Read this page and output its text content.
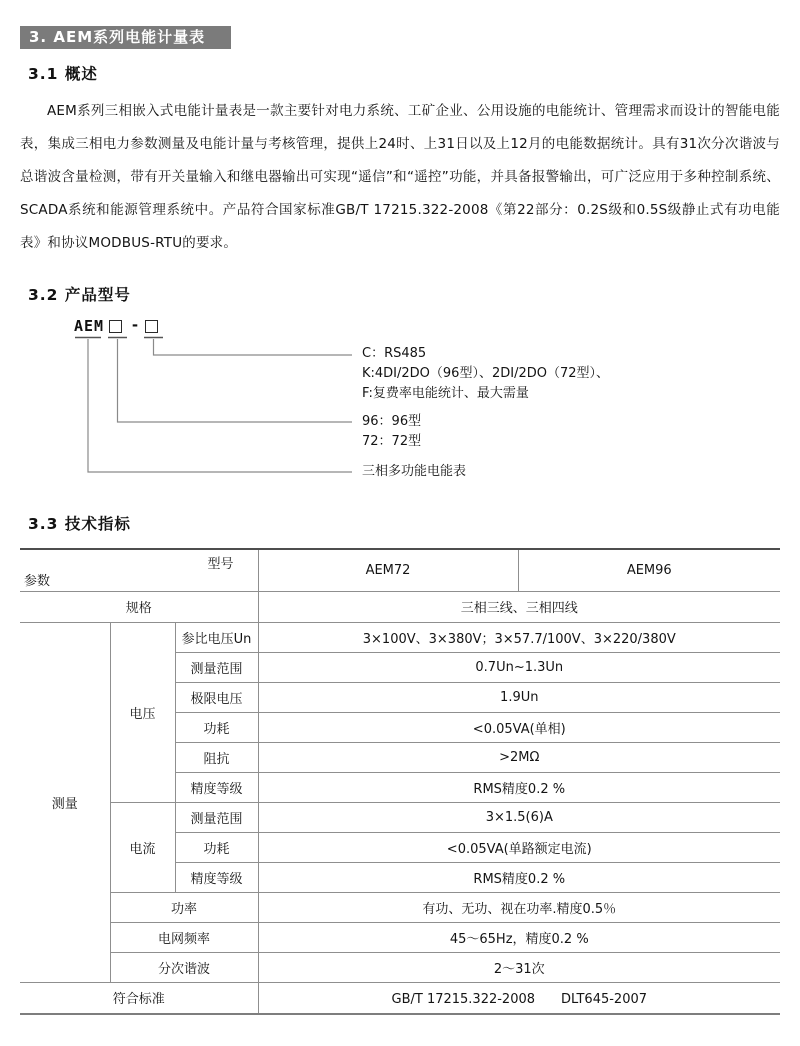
3. AEM系列电能计量表
3.1 概述
AEM系列三相嵌入式电能计量表是一款主要针对电力系统、工矿企业、公用设施的电能统计、管理需求而设计的智能电能表，集成三相电力参数测量及电能计量与考核管理，提供上24时、上31日以及上12月的电能数据统计。具有31次分次谐波与总谐波含量检测，带有开关量输入和继电器输出可实现“遥信”和“遥控”功能，并具备报警输出，可广泛应用于多种控制系统、SCADA系统和能源管理系统中。产品符合国家标准GB/T 17215.322-2008《第22部分：0.2S级和0.5S级静止式有功电能表》和协议MODBUS-RTU的要求。
3.2 产品型号
AEM	-
C：RS485
K:4DI/2DO（96型）、2DI/2DO（72型）、
F:复费率电能统计、最大需量
96：96型
72：72型
三相多功能电能表
3.3 技术指标
型号
参数			AEM72	AEM96
规格			三相三线、三相四线	
测量	电压	参比电压Un	3×100V、3×380V；3×57.7/100V、3×220/380V	
		测量范围	0.7Un~1.3Un	
		极限电压	1.9Un	
		功耗	<0.05VA(单相)	
		阻抗	>2MΩ	
		精度等级	RMS精度0.2 %	
	电流	测量范围	3×1.5(6)A	
		功耗	<0.05VA(单路额定电流)	
		精度等级	RMS精度0.2 %	
	功率		有功、无功、视在功率.精度0.5％	
	电网频率		45～65Hz，精度0.2 %	
	分次谐波		2～31次	
符合标准			GB/T 17215.322-2008　　DLT645-2007	
